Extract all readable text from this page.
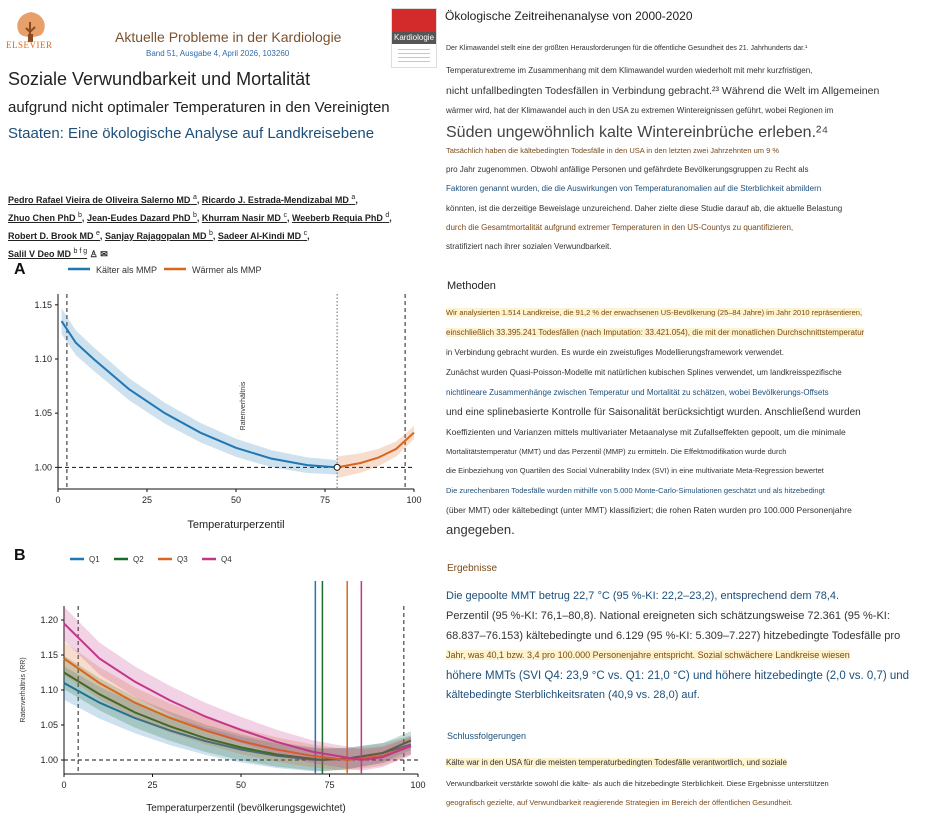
ELSEVIER	Aktuelle Probleme in der Kardiologie
Band 51, Ausgabe 4, April 2026, 103260
Kardiologie
Soziale Verwundbarkeit und Mortalität
aufgrund nicht optimaler Temperaturen in den Vereinigten
Staaten: Eine ökologische Analyse auf Landkreisebene
Pedro Rafael Vieira de Oliveira Salerno MD $^a$, Ricardo J. Estrada-Mendizabal MD $^a$,
Zhuo Chen PhD $^b$, Jean-Eudes Dazard PhD $^b$, Khurram Nasir MD $^c$, Weeberb Requia PhD $^d$,
Robert D. Brook MD $^e$, Sanjay Rajagopalan MD $^b$, Sadeer Al-Kindi MD $^c$,
Salil V Deo MD $^{b f g}$ ♙ ✉
A	Kälter als MMP	Wärmer als MMP
1.00
1.05
1.10
1.15
0	25	50	75	100
Temperaturperzentil
Ratenverhältnis
B	Q1	Q2	Q3	Q4
1.00
1.05
1.10
1.15
1.20
0	25	50	75	100
Temperaturperzentil (bevölkerungsgewichtet)
Ratenverhältnis (RR)
Ökologische Zeitreihenanalyse von 2000-2020
Der Klimawandel stellt eine der größten Herausforderungen für die öffentliche Gesundheit des 21. Jahrhunderts dar.¹
Temperaturextreme im Zusammenhang mit dem Klimawandel wurden wiederholt mit mehr kurzfristigen,
nicht unfallbedingten Todesfällen in Verbindung gebracht.²³ Während die Welt im Allgemeinen
wärmer wird, hat der Klimawandel auch in den USA zu extremen Wintereignissen geführt, wobei Regionen im
Süden ungewöhnlich kalte Wintereinbrüche erleben.²⁴
Tatsächlich haben die kältebedingten Todesfälle in den USA in den letzten zwei Jahrzehnten um 9 %
pro Jahr zugenommen. Obwohl anfällige Personen und gefährdete Bevölkerungsgruppen zu Recht als
Faktoren genannt wurden, die die Auswirkungen von Temperaturanomalien auf die Sterblichkeit abmildern
könnten, ist die derzeitige Beweislage unzureichend. Daher zielte diese Studie darauf ab, die aktuelle Belastung
durch die Gesamtmortalität aufgrund extremer Temperaturen in den US-Countys zu quantifizieren,
stratifiziert nach ihrer sozialen Verwundbarkeit.
Methoden
Wir analysierten 1.514 Landkreise, die 91,2 % der erwachsenen US-Bevölkerung (25–84 Jahre) im Jahr 2010 repräsentieren,
einschließlich 33.395.241 Todesfällen (nach Imputation: 33.421.054), die mit der monatlichen Durchschnittstemperatur
in Verbindung gebracht wurden. Es wurde ein zweistufiges Modellierungsframework verwendet.
Zunächst wurden Quasi-Poisson-Modelle mit natürlichen kubischen Splines verwendet, um landkreisspezifische
nichtlineare Zusammenhänge zwischen Temperatur und Mortalität zu schätzen, wobei Bevölkerungs-Offsets
und eine splinebasierte Kontrolle für Saisonalität berücksichtigt wurden. Anschließend wurden
Koeffizienten und Varianzen mittels multivariater Metaanalyse mit Zufallseffekten gepoolt, um die minimale
Mortalitätstemperatur (MMT) und das Perzentil (MMP) zu ermitteln. Die Effektmodifikation wurde durch
die Einbeziehung von Quartilen des Social Vulnerability Index (SVI) in eine multivariate Meta-Regression bewertet
Die zurechenbaren Todesfälle wurden mithilfe von 5.000 Monte-Carlo-Simulationen geschätzt und als hitzebedingt
(über MMT) oder kältebedingt (unter MMT) klassifiziert; die rohen Raten wurden pro 100.000 Personenjahre
angegeben.
Ergebnisse
Die gepoolte MMT betrug 22,7 °C (95 %-KI: 22,2–23,2), entsprechend dem 78,4.
Perzentil (95 %-KI: 76,1–80,8). National ereigneten sich schätzungsweise 72.361 (95 %-KI:
68.837–76.153) kältebedingte und 6.129 (95 %-KI: 5.309–7.227) hitzebedingte Todesfälle pro
Jahr, was 40,1 bzw. 3,4 pro 100.000 Personenjahre entspricht. Sozial schwächere Landkreise wiesen
höhere MMTs (SVI Q4: 23,9 °C vs. Q1: 21,0 °C) und höhere hitzebedingte (2,0 vs. 0,7) und
kältebedingte Sterblichkeitsraten (40,9 vs. 28,0) auf.
Schlussfolgerungen
Kälte war in den USA für die meisten temperaturbedingten Todesfälle verantwortlich, und soziale
Verwundbarkeit verstärkte sowohl die kälte- als auch die hitzebedingte Sterblichkeit. Diese Ergebnisse unterstützen
geografisch gezielte, auf Verwundbarkeit reagierende Strategien im Bereich der öffentlichen Gesundheit.
